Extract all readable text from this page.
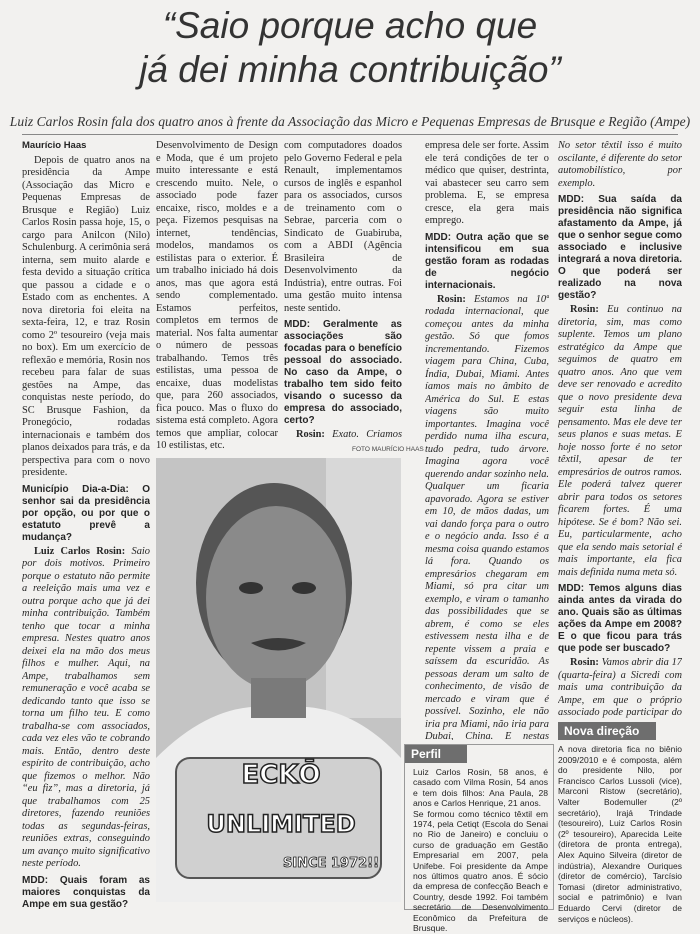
“Saio porque acho que
já dei minha contribuição”
Luiz Carlos Rosin fala dos quatro anos à frente da Associação das Micro e Pequenas Empresas de Brusque e Região (Ampe)

Maurício Haas

Depois de quatro anos na presidência da Ampe (Associação das Micro e Pequenas Empresas de Brusque e Região) Luiz Carlos Rosin passa hoje, 15, o cargo para Anilcon (Nilo) Schulenburg. A cerimônia será interna, sem muito alarde e festa devido a situação crítica que passou a cidade e o Estado com as enchentes. A nova diretoria foi eleita na sexta-feira, 12, e traz Rosin como 2º tesoureiro (veja mais no box). Em um exercício de reflexão e memória, Rosin nos recebeu para falar de suas gestões na Ampe, das conquistas neste período, do SC Brusque Fashion, da Pronegócio, rodadas internacionais e também dos planos deixados para trás, e da perspectiva para com o novo presidente.

Município Dia-a-Dia: O senhor sai da presidência por opção, ou por que o estatuto prevê a mudança?

Luiz Carlos Rosin: Saio por dois motivos. Primeiro porque o estatuto não permite a reeleição mais uma vez e outra porque acho que já dei minha contribuição. Também tenho que tocar a minha empresa. Nestes quatro anos deixei ela na mão dos meus filhos e mulher. Aqui, na Ampe, trabalhamos sem remuneração e você acaba se dedicando tanto que isso se torna um filho teu. E como trabalha-se com associados, cada vez eles vão te cobrando mais. Então, dentro deste espírito de contribuição, acho que fizemos o melhor. Não “eu fiz”, mas a diretoria, já que trabalhamos com 25 diretores, fazendo reuniões todas as segundas-feiras, reuniões extras, conseguindo um avanço muito significativo neste período.

MDD: Quais foram as maiores conquistas da Ampe em sua gestão?

Desenvolvimento de Design e Moda, que é um projeto muito interessante e está crescendo muito. Nele, o associado pode fazer encaixe, risco, moldes e a peça. Fizemos pesquisas na internet, tendências, modelos, mandamos os estilistas para o exterior. É um trabalho iniciado há dois anos, mas que agora está sendo complementado. Estamos perfeitos, completos em termos de material. Nos falta aumentar o número de pessoas trabalhando. Temos três estilistas, uma pessoa de encaixe, duas modelistas que, para 260 associados, fica pouco. Mas o fluxo do sistema está completo. Agora temos que ampliar, colocar 10 estilistas, etc.

com computadores doados pelo Governo Federal e pela Renault, implementamos cursos de inglês e espanhol para os associados, cursos de treinamento com o Sebrae, parceria com o Sindicato de Guabiruba, com a ABDI (Agência Brasileira de Desenvolvimento da Indústria), entre outras. Foi uma gestão muito intensa neste sentido.

MDD: Geralmente as associações são focadas para o benefício pessoal do associado. No caso da Ampe, o trabalho tem sido feito visando o sucesso da empresa do associado, certo?

Rosin: Exato. Criamos

FOTO MAURÍCIO HAAS
ECKŌ
UNLIMITED
SINCE 1972!!

empresa dele ser forte. Assim ele terá condições de ter o médico que quiser, destrinta, vai abastecer seu carro sem problema. E, se empresa cresce, ela gera mais emprego.

MDD: Outra ação que se intensificou em sua gestão foram as rodadas de negócio internacionais.

Rosin: Estamos na 10ª rodada internacional, que começou antes da minha gestão. Só que fomos incrementando. Fizemos viagem para China, Cuba, Índia, Dubai, Miami. Antes íamos mais no âmbito de América do Sul. E estas viagens são muito importantes. Imagina você perdido numa ilha escura, tudo pedra, tudo árvore. Imagina agora você querendo andar sozinho nela. Qualquer um ficaria apavorado. Agora se estiver em 10, de mãos dadas, um vai dando força para o outro e o negócio anda. Isso é a mesma coisa quando estamos lá fora. Quando os empresários chegaram em Miami, só pra citar um exemplo, e viram o tamanho das possibilidades que se abrem, é como se eles estivessem nesta ilha e de repente vissem a praia e saíssem da escuridão. As pessoas deram um salto de conhecimento, de visão de mercado e viram que é possível. Sozinho, ele não iria pra Miami, não iria para Dubai, China. E nestas

Perfil

Luiz Carlos Rosin, 58 anos, é casado com Vilma Rosin, 54 anos e tem dois filhos: Ana Paula, 28 anos e Carlos Henrique, 21 anos.

Se formou como técnico têxtil em 1974, pela Cetiqt (Escola do Senai no Rio de Janeiro) e concluiu o curso de graduação em Gestão Empresarial em 2007, pela Unifebe. Foi presidente da Ampe nos últimos quatro anos. É sócio da empresa de confecção Beach e Country, desde 1992. Foi também secretário de Desenvolvimento Econômico da Prefeitura de Brusque.

No setor têxtil isso é muito oscilante, é diferente do setor automobilístico, por exemplo.

MDD: Sua saída da presidência não significa afastamento da Ampe, já que o senhor segue como associado e inclusive integrará a nova diretoria. O que poderá ser realizado na nova gestão?

Rosin: Eu continuo na diretoria, sim, mas como suplente. Temos um plano estratégico da Ampe que seguimos de quatro em quatro anos. Ano que vem deve ser renovado e acredito que o novo presidente deva seguir esta linha de pensamento. Mas ele deve ter seus planos e suas metas. E hoje nosso forte é no setor têxtil, apesar de ter empresários de outros ramos. Ele poderá talvez querer abrir para todos os setores ficarem fortes. É uma hipótese. Se é bom? Não sei. Eu, particularmente, acho que ela sendo mais setorial é mais importante, ela fica mais definida numa meta só.

MDD: Temos alguns dias ainda antes da virada do ano. Quais são as últimas ações da Ampe em 2008? E o que ficou para trás que pode ser buscado?

Rosin: Vamos abrir dia 17 (quarta-feira) a Sicredi com mais uma contribuição da Ampe, em que o próprio associado pode participar do

Nova direção
A nova diretoria fica no biênio 2009/2010 e é composta, além do presidente Nilo, por Francisco Carlos Lussoli (vice), Marconi Ristow (secretário), Valter Bodemuller (2º secretário), Irajá Trindade (tesoureiro), Luiz Carlos Rosin (2º tesoureiro), Aparecida Leite (diretora de pronta entrega), Alex Aquino Silveira (diretor de indústria), Alexandre Ouriques (diretor de comércio), Tarcísio Tomasi (diretor administrativo, social e patrimônio) e Ivan Eduardo Cervi (diretor de serviços e núcleos).
